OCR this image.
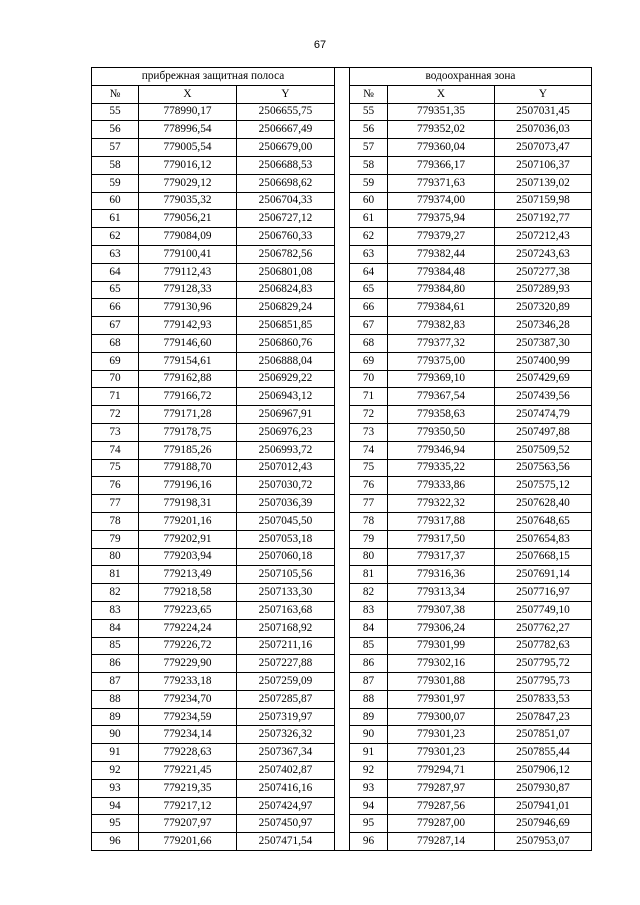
67
прибрежная защитная полоса				водоохранная зона		
№	X	Y		№	X	Y
55	778990,17	2506655,75		55	779351,35	2507031,45
56	778996,54	2506667,49		56	779352,02	2507036,03
57	779005,54	2506679,00		57	779360,04	2507073,47
58	779016,12	2506688,53		58	779366,17	2507106,37
59	779029,12	2506698,62		59	779371,63	2507139,02
60	779035,32	2506704,33		60	779374,00	2507159,98
61	779056,21	2506727,12		61	779375,94	2507192,77
62	779084,09	2506760,33		62	779379,27	2507212,43
63	779100,41	2506782,56		63	779382,44	2507243,63
64	779112,43	2506801,08		64	779384,48	2507277,38
65	779128,33	2506824,83		65	779384,80	2507289,93
66	779130,96	2506829,24		66	779384,61	2507320,89
67	779142,93	2506851,85		67	779382,83	2507346,28
68	779146,60	2506860,76		68	779377,32	2507387,30
69	779154,61	2506888,04		69	779375,00	2507400,99
70	779162,88	2506929,22		70	779369,10	2507429,69
71	779166,72	2506943,12		71	779367,54	2507439,56
72	779171,28	2506967,91		72	779358,63	2507474,79
73	779178,75	2506976,23		73	779350,50	2507497,88
74	779185,26	2506993,72		74	779346,94	2507509,52
75	779188,70	2507012,43		75	779335,22	2507563,56
76	779196,16	2507030,72		76	779333,86	2507575,12
77	779198,31	2507036,39		77	779322,32	2507628,40
78	779201,16	2507045,50		78	779317,88	2507648,65
79	779202,91	2507053,18		79	779317,50	2507654,83
80	779203,94	2507060,18		80	779317,37	2507668,15
81	779213,49	2507105,56		81	779316,36	2507691,14
82	779218,58	2507133,30		82	779313,34	2507716,97
83	779223,65	2507163,68		83	779307,38	2507749,10
84	779224,24	2507168,92		84	779306,24	2507762,27
85	779226,72	2507211,16		85	779301,99	2507782,63
86	779229,90	2507227,88		86	779302,16	2507795,72
87	779233,18	2507259,09		87	779301,88	2507795,73
88	779234,70	2507285,87		88	779301,97	2507833,53
89	779234,59	2507319,97		89	779300,07	2507847,23
90	779234,14	2507326,32		90	779301,23	2507851,07
91	779228,63	2507367,34		91	779301,23	2507855,44
92	779221,45	2507402,87		92	779294,71	2507906,12
93	779219,35	2507416,16		93	779287,97	2507930,87
94	779217,12	2507424,97		94	779287,56	2507941,01
95	779207,97	2507450,97		95	779287,00	2507946,69
96	779201,66	2507471,54		96	779287,14	2507953,07
